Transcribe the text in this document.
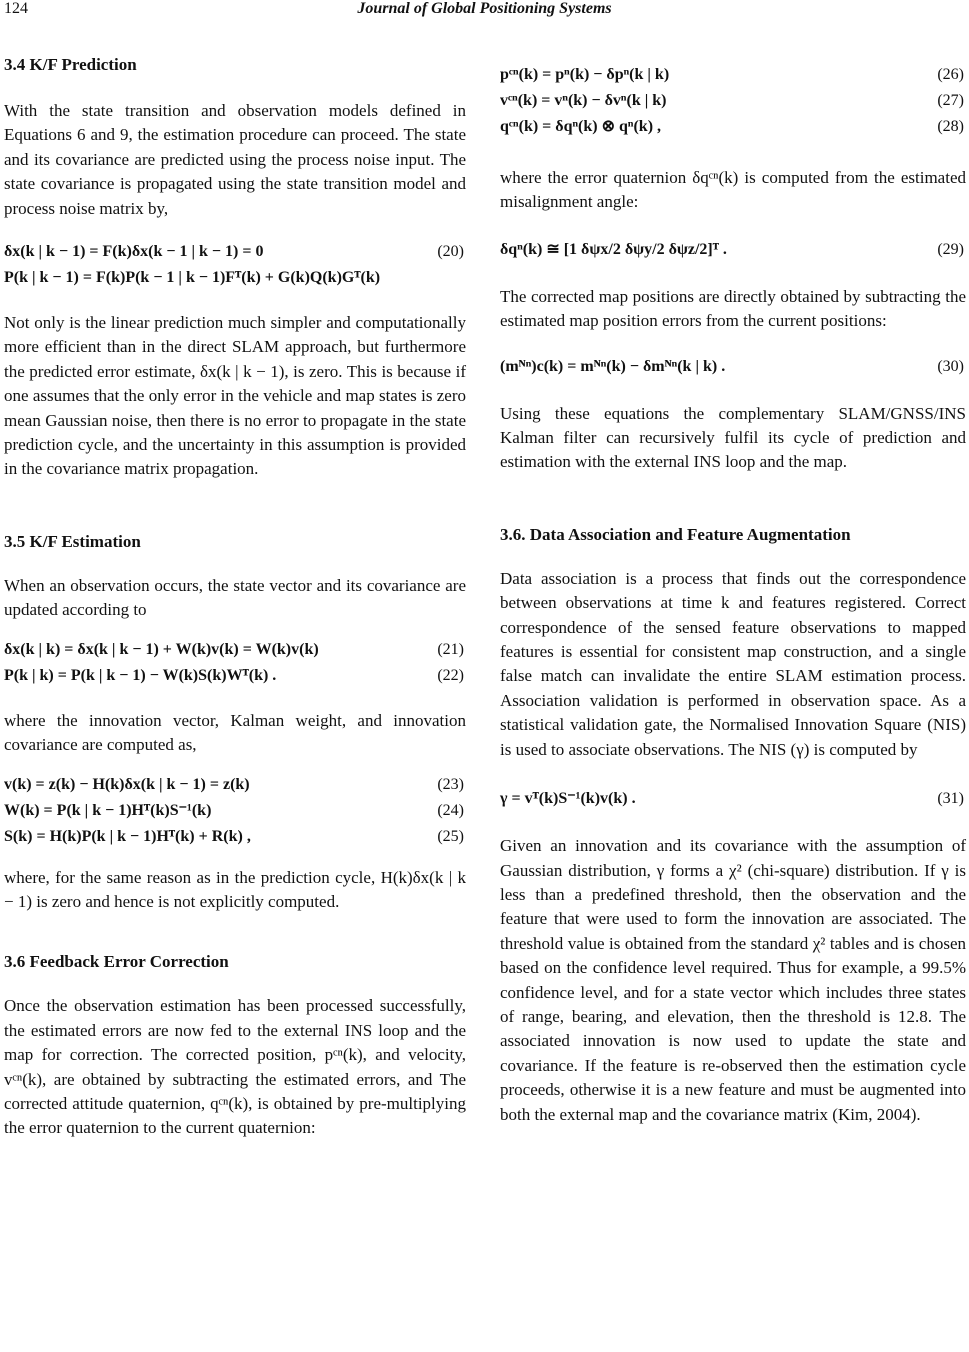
124	Journal of Global Positioning Systems

3.4 K/F Prediction

With the state transition and observation models defined in Equations 6 and 9, the estimation procedure can proceed. The state and its covariance are predicted using the process noise input. The state covariance is propagated using the state transition model and process noise matrix by,

δx(k | k − 1) = F(k)δx(k − 1 | k − 1) = 0	(20)
P(k | k − 1) = F(k)P(k − 1 | k − 1)Fᵀ(k) + G(k)Q(k)Gᵀ(k)

Not only is the linear prediction much simpler and computationally more efficient than in the direct SLAM approach, but furthermore the predicted error estimate, δx(k | k − 1), is zero. This is because if one assumes that the only error in the vehicle and map states is zero mean Gaussian noise, then there is no error to propagate in the state prediction cycle, and the uncertainty in this assumption is provided in the covariance matrix propagation.

3.5 K/F Estimation

When an observation occurs, the state vector and its covariance are updated according to

δx(k | k) = δx(k | k − 1) + W(k)v(k) = W(k)v(k)	(21)
P(k | k) = P(k | k − 1) − W(k)S(k)Wᵀ(k) .	(22)

where the innovation vector, Kalman weight, and innovation covariance are computed as,

v(k) = z(k) − H(k)δx(k | k − 1) = z(k)	(23)
W(k) = P(k | k − 1)Hᵀ(k)S⁻¹(k)	(24)
S(k) = H(k)P(k | k − 1)Hᵀ(k) + R(k) ,	(25)

where, for the same reason as in the prediction cycle, H(k)δx(k | k − 1) is zero and hence is not explicitly computed.

3.6 Feedback Error Correction

Once the observation estimation has been processed successfully, the estimated errors are now fed to the external INS loop and the map for correction. The corrected position, pᶜⁿ(k), and velocity, vᶜⁿ(k), are obtained by subtracting the estimated errors, and The corrected attitude quaternion, qᶜⁿ(k), is obtained by pre-multiplying the error quaternion to the current quaternion:

pᶜⁿ(k) = pⁿ(k) − δpⁿ(k | k)	(26)
vᶜⁿ(k) = vⁿ(k) − δvⁿ(k | k)	(27)
qᶜⁿ(k) = δqⁿ(k) ⊗ qⁿ(k) ,	(28)

where the error quaternion δqᶜⁿ(k) is computed from the estimated misalignment angle:

δqⁿ(k) ≅ [1 δψx/2 δψy/2 δψz/2]ᵀ .	(29)

The corrected map positions are directly obtained by subtracting the estimated map position errors from the current positions:

(mᴺⁿ)c(k) = mᴺⁿ(k) − δmᴺⁿ(k | k) .	(30)

Using these equations the complementary SLAM/GNSS/INS Kalman filter can recursively fulfil its cycle of prediction and estimation with the external INS loop and the map.

3.6. Data Association and Feature Augmentation

Data association is a process that finds out the correspondence between observations at time k and features registered. Correct correspondence of the sensed feature observations to mapped features is essential for consistent map construction, and a single false match can invalidate the entire SLAM estimation process. Association validation is performed in observation space. As a statistical validation gate, the Normalised Innovation Square (NIS) is used to associate observations. The NIS (γ) is computed by

γ = vᵀ(k)S⁻¹(k)v(k) .	(31)

Given an innovation and its covariance with the assumption of Gaussian distribution, γ forms a χ² (chi-square) distribution. If γ is less than a predefined threshold, then the observation and the feature that were used to form the innovation are associated. The threshold value is obtained from the standard χ² tables and is chosen based on the confidence level required. Thus for example, a 99.5% confidence level, and for a state vector which includes three states of range, bearing, and elevation, then the threshold is 12.8. The associated innovation is now used to update the state and covariance. If the feature is re-observed then the estimation cycle proceeds, otherwise it is a new feature and must be augmented into both the external map and the covariance matrix (Kim, 2004).
